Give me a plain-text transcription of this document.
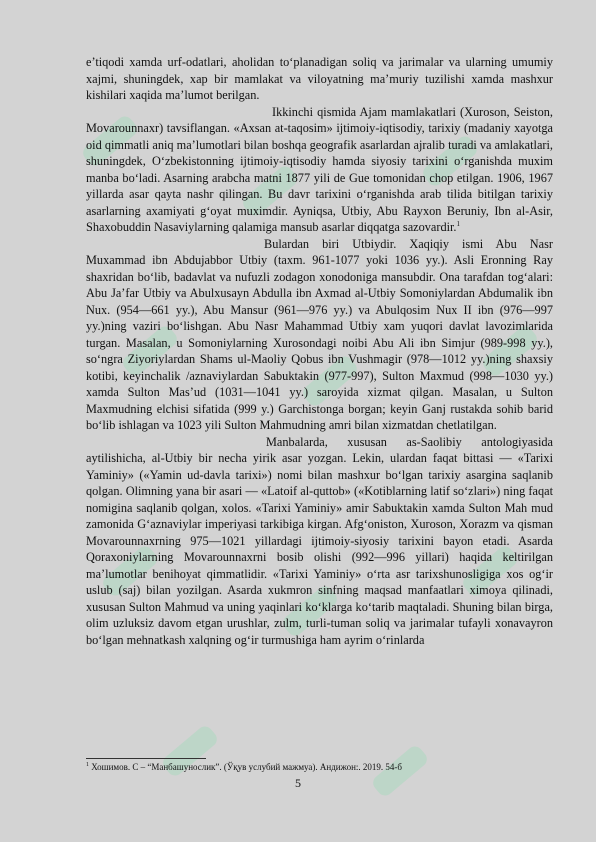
e’tiqodi xamda urf-odatlari, aholidan to‘planadigan soliq va jarimalar va ularning umumiy xajmi, shuningdek, xap bir mamlakat va viloyatning ma’muriy tuzilishi xamda mashxur kishilari xaqida ma’lumot berilgan.

Ikkinchi qismida Ajam mamlakatlari (Xuroson, Seiston, Movarounnaxr) tavsiflangan. «Axsan at-taqosim» ijtimoiy-iqtisodiy, tarixiy (madaniy xayotga oid qimmatli aniq ma’lumotlari bilan boshqa geografik asarlardan ajralib turadi va amlakatlari, shuningdek, O‘zbekistonning ijtimoiy-iqtisodiy hamda siyosiy tarixini o‘rganishda muxim manba bo‘ladi. Asarning arabcha matni 1877 yili de Gue tomonidan chop etilgan. 1906, 1967 yillarda asar qayta nashr qilingan. Bu davr tarixini o‘rganishda arab tilida bitilgan tarixiy asarlarning axamiyati g‘oyat muximdir. Ayniqsa, Utbiy, Abu Rayxon Beruniy, Ibn al-Asir, Shaxobuddin Nasaviylarning qalamiga mansub asarlar diqqatga sazovardir.$^1$

Bulardan biri Utbiydir. Xaqiqiy ismi Abu Nasr Muxammad ibn Abdujabbor Utbiy (taxm. 961-1077 yoki 1036 yy.). Asli Eronning Ray shaxridan bo‘lib, badavlat va nufuzli zodagon xonodoniga mansubdir. Ona tarafdan tog‘alari: Abu Ja’far Utbiy va Abulxusayn Abdulla ibn Axmad al-Utbiy Somoniylardan Abdumalik ibn Nux. (954—661 yy.), Abu Mansur (961—976 yy.) va Abulqosim Nux II ibn (976—997 yy.)ning vaziri bo‘lishgan. Abu Nasr Mahammad Utbiy xam yuqori davlat lavozimlarida turgan. Masalan, u Somoniylarning Xurosondagi noibi Abu Ali ibn Simjur (989-998 yy.), so‘ngra Ziyoriylardan Shams ul-Maoliy Qobus ibn Vushmagir (978—1012 yy.)ning shaxsiy kotibi, keyinchalik /aznaviylardan Sabuktakin (977-997), Sulton Maxmud (998—1030 yy.) xamda Sulton Mas’ud (1031—1041 yy.) saroyida xizmat qilgan. Masalan, u Sulton Maxmudning elchisi sifatida (999 y.) Garchistonga borgan; keyin Ganj rustakda sohib barid bo‘lib ishlagan va 1023 yili Sulton Mahmudning amri bilan xizmatdan chetlatilgan.

Manbalarda, xususan as-Saolibiy antologiyasida aytilishicha, al-Utbiy bir necha yirik asar yozgan. Lekin, ulardan faqat bittasi — «Tarixi Yaminiy» («Yamin ud-davla tarixi») nomi bilan mashxur bo‘lgan tarixiy asargina saqlanib qolgan. Olimning yana bir asari — «Latoif al-quttob» («Kotiblarning latif so‘zlari») ning faqat nomigina saqlanib qolgan, xolos. «Tarixi Yaminiy» amir Sabuktakin xamda Sulton Mah mud zamonida G‘aznaviylar imperiyasi tarkibiga kirgan. Afg‘oniston, Xuroson, Xorazm va qisman Movarounnaxrning 975—1021 yillardagi ijtimoiy-siyosiy tarixini bayon etadi. Asarda Qoraxoniylarning Movarounnaxrni bosib olishi (992—996 yillari) haqida keltirilgan ma’lumotlar benihoyat qimmatlidir. «Tarixi Yaminiy» o‘rta asr tarixshunosligiga xos og‘ir uslub (saj) bilan yozilgan. Asarda xukmron sinfning maqsad manfaatlari ximoya qilinadi, xususan Sulton Mahmud va uning yaqinlari ko‘klarga ko‘tarib maqtaladi. Shuning bilan birga, olim uzluksiz davom etgan urushlar, zulm, turli-tuman soliq va jarimalar tufayli xonavayron bo‘lgan mehnatkash xalqning og‘ir turmushiga ham ayrim o‘rinlarda

$^1$ Хошимов. С – “Манбашунослик”. (Ўқув услубий мажмуа). Андижон:. 2019. 54-б
5
